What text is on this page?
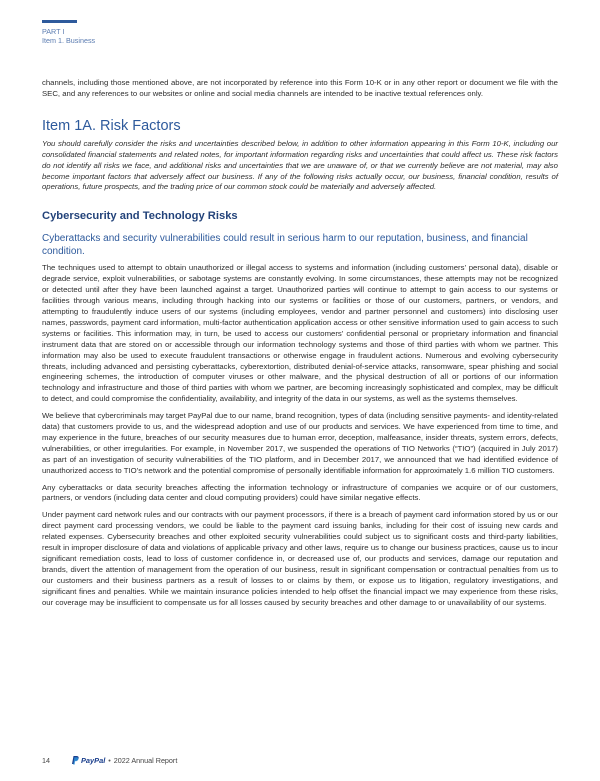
PART I
Item 1. Business

channels, including those mentioned above, are not incorporated by reference into this Form 10-K or in any other report or document we file with the SEC, and any references to our websites or online and social media channels are intended to be inactive textual references only.

Item 1A. Risk Factors

You should carefully consider the risks and uncertainties described below, in addition to other information appearing in this Form 10-K, including our consolidated financial statements and related notes, for important information regarding risks and uncertainties that could affect us. These risk factors do not identify all risks we face, and additional risks and uncertainties that we are unaware of, or that we currently believe are not material, may also become important factors that adversely affect our business. If any of the following risks actually occur, our business, financial condition, results of operations, future prospects, and the trading price of our common stock could be materially and adversely affected.

Cybersecurity and Technology Risks
Cyberattacks and security vulnerabilities could result in serious harm to our reputation, business, and financial condition.

The techniques used to attempt to obtain unauthorized or illegal access to systems and information (including customers’ personal data), disable or degrade service, exploit vulnerabilities, or sabotage systems are constantly evolving. In some circumstances, these attempts may not be recognized or detected until after they have been launched against a target. Unauthorized parties will continue to attempt to gain access to our systems or facilities through various means, including through hacking into our systems or facilities or those of our customers, partners, or vendors, and attempting to fraudulently induce users of our systems (including employees, vendor and partner personnel and customers) into disclosing user names, passwords, payment card information, multi-factor authentication application access or other sensitive information used to gain access to such systems or facilities. This information may, in turn, be used to access our customers’ confidential personal or proprietary information and financial instrument data that are stored on or accessible through our information technology systems and those of third parties with whom we partner. This information may also be used to execute fraudulent transactions or otherwise engage in fraudulent actions. Numerous and evolving cybersecurity threats, including advanced and persisting cyberattacks, cyberextortion, distributed denial-of-service attacks, ransomware, spear phishing and social engineering schemes, the introduction of computer viruses or other malware, and the physical destruction of all or portions of our information technology and infrastructure and those of third parties with whom we partner, are becoming increasingly sophisticated and complex, may be difficult to detect, and could compromise the confidentiality, availability, and integrity of the data in our systems, as well as the systems themselves.

We believe that cybercriminals may target PayPal due to our name, brand recognition, types of data (including sensitive payments- and identity-related data) that customers provide to us, and the widespread adoption and use of our products and services. We have experienced from time to time, and may experience in the future, breaches of our security measures due to human error, deception, malfeasance, insider threats, system errors, defects, vulnerabilities, or other irregularities. For example, in November 2017, we suspended the operations of TIO Networks (“TIO”) (acquired in July 2017) as part of an investigation of security vulnerabilities of the TIO platform, and in December 2017, we announced that we had identified evidence of unauthorized access to TIO’s network and the potential compromise of personally identifiable information for approximately 1.6 million TIO customers.

Any cyberattacks or data security breaches affecting the information technology or infrastructure of companies we acquire or of our customers, partners, or vendors (including data center and cloud computing providers) could have similar negative effects.

Under payment card network rules and our contracts with our payment processors, if there is a breach of payment card information stored by us or our direct payment card processing vendors, we could be liable to the payment card issuing banks, including for their cost of issuing new cards and related expenses. Cybersecurity breaches and other exploited security vulnerabilities could subject us to significant costs and third-party liabilities, result in improper disclosure of data and violations of applicable privacy and other laws, require us to change our business practices, cause us to incur significant remediation costs, lead to loss of customer confidence in, or decreased use of, our products and services, damage our reputation and brands, divert the attention of management from the operation of our business, result in significant compensation or contractual penalties from us to our customers and their business partners as a result of losses to or claims by them, or expose us to litigation, regulatory investigations, and significant fines and penalties. While we maintain insurance policies intended to help offset the financial impact we may experience from these risks, our coverage may be insufficient to compensate us for all losses caused by security breaches and other damage to or unavailability of our systems.

14	PayPal • 2022 Annual Report
